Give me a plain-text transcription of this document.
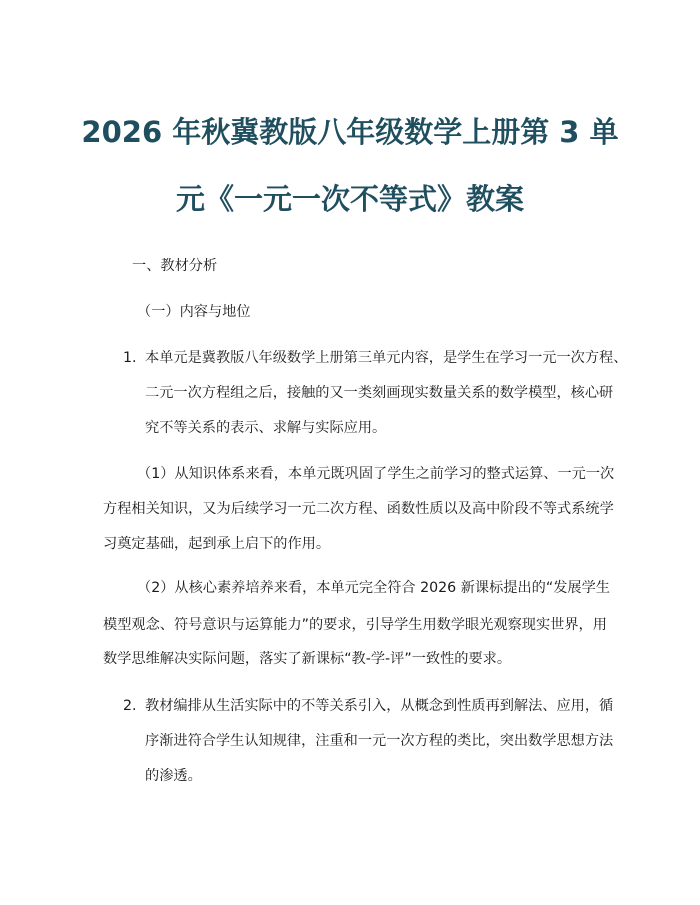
2026 年秋冀教版八年级数学上册第 3 单
元《一元一次不等式》教案
一、教材分析
（一）内容与地位
1. 本单元是冀教版八年级数学上册第三单元内容，是学生在学习一元一次方程、
二元一次方程组之后，接触的又一类刻画现实数量关系的数学模型，核心研
究不等关系的表示、求解与实际应用。
（1）从知识体系来看，本单元既巩固了学生之前学习的整式运算、一元一次
方程相关知识，又为后续学习一元二次方程、函数性质以及高中阶段不等式系统学
习奠定基础，起到承上启下的作用。
（2）从核心素养培养来看，本单元完全符合 2026 新课标提出的“发展学生
模型观念、符号意识与运算能力”的要求，引导学生用数学眼光观察现实世界，用
数学思维解决实际问题，落实了新课标“教-学-评”一致性的要求。
2. 教材编排从生活实际中的不等关系引入，从概念到性质再到解法、应用，循
序渐进符合学生认知规律，注重和一元一次方程的类比，突出数学思想方法
的渗透。
